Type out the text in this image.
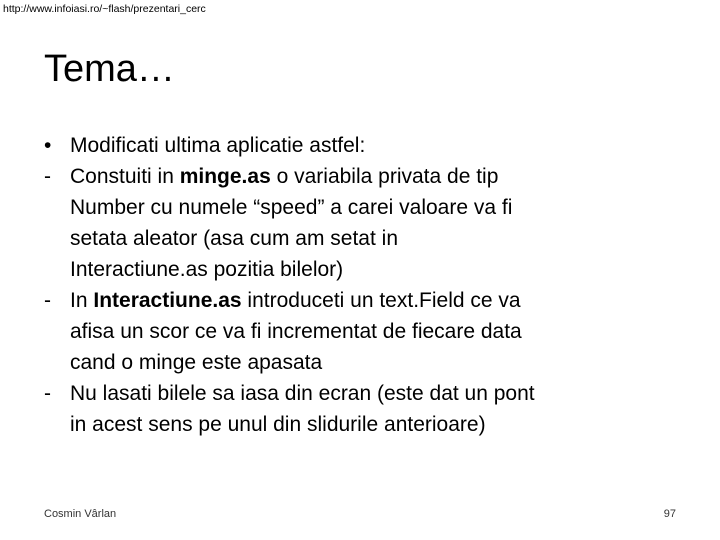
http://www.infoiasi.ro/~flash/prezentari_cerc
Tema…
• Modificati ultima aplicatie astfel:
- Constuiti in minge.as o variabila privata de tip
Number cu numele “speed” a carei valoare va fi
setata aleator (asa cum am setat in
Interactiune.as pozitia bilelor)
- In Interactiune.as introduceti un text.Field ce va
afisa un scor ce va fi incrementat de fiecare data
cand o minge este apasata
- Nu lasati bilele sa iasa din ecran (este dat un pont
in acest sens pe unul din slidurile anterioare)
Cosmin Vârlan	97
